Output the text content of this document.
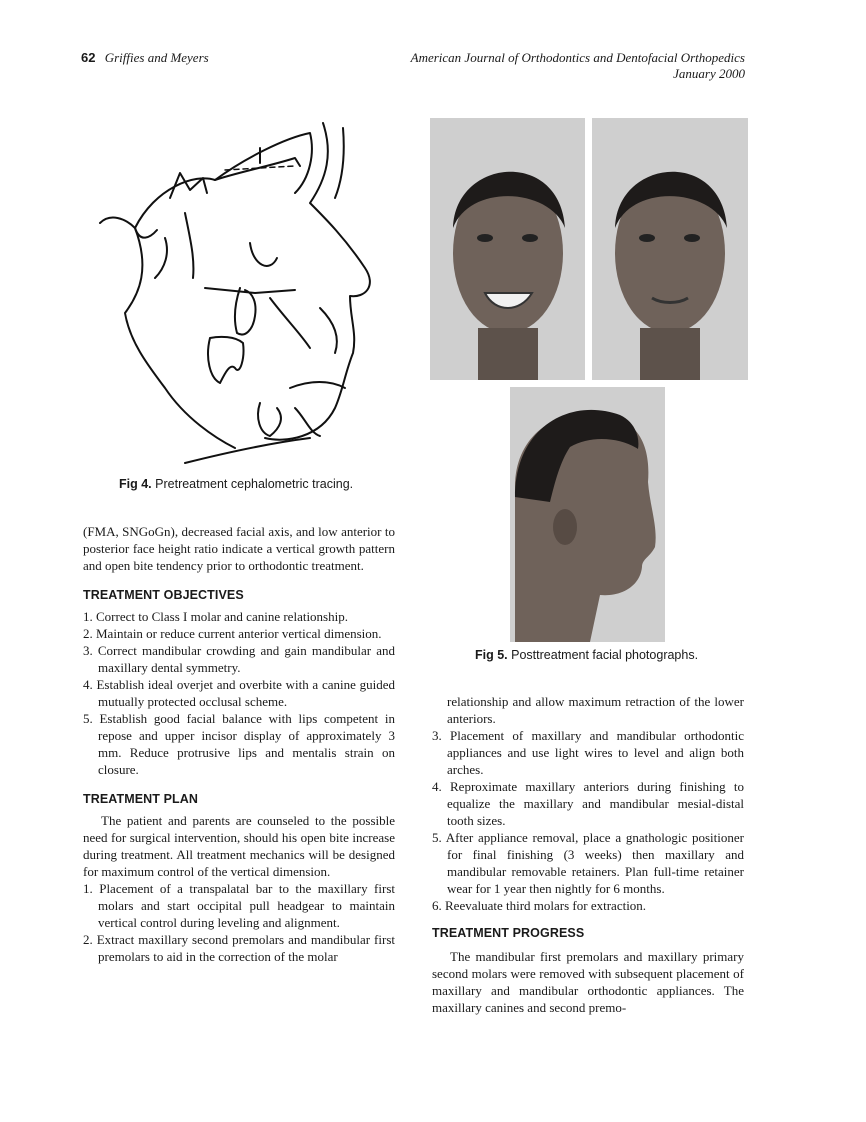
62 Griffies and Meyers	American Journal of Orthodontics and Dentofacial Orthopedics
January 2000
Fig 4. Pretreatment cephalometric tracing.
Fig 5. Posttreatment facial photographs.
(FMA, SNGoGn), decreased facial axis, and low anterior to posterior face height ratio indicate a vertical growth pattern and open bite tendency prior to orthodontic treatment.
TREATMENT OBJECTIVES
1. Correct to Class I molar and canine relationship.
2. Maintain or reduce current anterior vertical dimension.
3. Correct mandibular crowding and gain mandibular and maxillary dental symmetry.
4. Establish ideal overjet and overbite with a canine guided mutually protected occlusal scheme.
5. Establish good facial balance with lips competent in repose and upper incisor display of approximately 3 mm. Reduce protrusive lips and mentalis strain on closure.
TREATMENT PLAN
The patient and parents are counseled to the possible need for surgical intervention, should his open bite increase during treatment. All treatment mechanics will be designed for maximum control of the vertical dimension.
1. Placement of a transpalatal bar to the maxillary first molars and start occipital pull headgear to maintain vertical control during leveling and alignment.
2. Extract maxillary second premolars and mandibular first premolars to aid in the correction of the molar
relationship and allow maximum retraction of the lower anteriors.
3. Placement of maxillary and mandibular orthodontic appliances and use light wires to level and align both arches.
4. Reproximate maxillary anteriors during finishing to equalize the maxillary and mandibular mesial-distal tooth sizes.
5. After appliance removal, place a gnathologic positioner for final finishing (3 weeks) then maxillary and mandibular removable retainers. Plan full-time retainer wear for 1 year then nightly for 6 months.
6. Reevaluate third molars for extraction.
TREATMENT PROGRESS
The mandibular first premolars and maxillary primary second molars were removed with subsequent placement of maxillary and mandibular orthodontic appliances. The maxillary canines and second premo-
